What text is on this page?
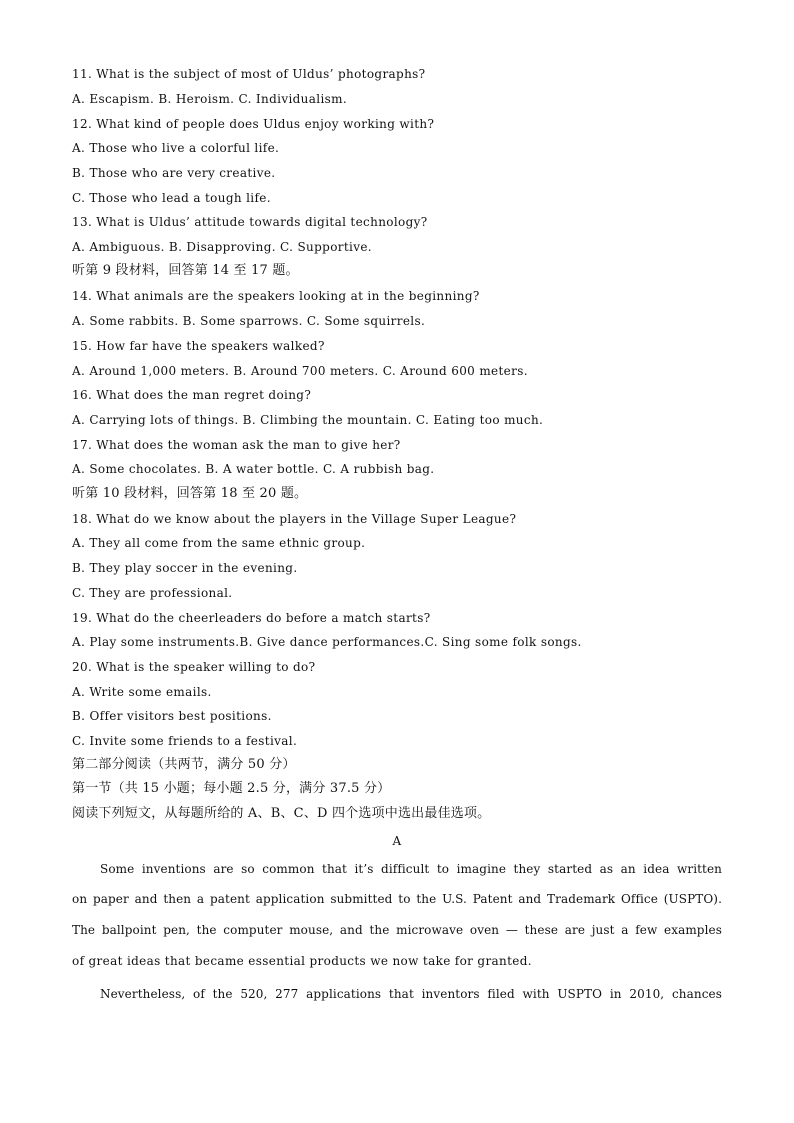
11. What is the subject of most of Uldus’ photographs?
A. Escapism. B. Heroism. C. Individualism.
12. What kind of people does Uldus enjoy working with?
A. Those who live a colorful life.
B. Those who are very creative.
C. Those who lead a tough life.
13. What is Uldus’ attitude towards digital technology?
A. Ambiguous. B. Disapproving. C. Supportive.
听第 9 段材料，回答第 14 至 17 题。
14. What animals are the speakers looking at in the beginning?
A. Some rabbits. B. Some sparrows. C. Some squirrels.
15. How far have the speakers walked?
A. Around 1,000 meters. B. Around 700 meters. C. Around 600 meters.
16. What does the man regret doing?
A. Carrying lots of things. B. Climbing the mountain. C. Eating too much.
17. What does the woman ask the man to give her?
A. Some chocolates. B. A water bottle. C. A rubbish bag.
听第 10 段材料，回答第 18 至 20 题。
18. What do we know about the players in the Village Super League?
A. They all come from the same ethnic group.
B. They play soccer in the evening.
C. They are professional.
19. What do the cheerleaders do before a match starts?
A. Play some instruments.B. Give dance performances.C. Sing some folk songs.
20. What is the speaker willing to do?
A. Write some emails.
B. Offer visitors best positions.
C. Invite some friends to a festival.
第二部分阅读（共两节，满分 50 分）
第一节（共 15 小题；每小题 2.5 分，满分 37.5 分）
阅读下列短文，从每题所给的 A、B、C、D 四个选项中选出最佳选项。
A
Some inventions are so common that it’s difficult to imagine they started as an idea written
on paper and then a patent application submitted to the U.S. Patent and Trademark Office (USPTO).
The ballpoint pen, the computer mouse, and the microwave oven — these are just a few examples
of great ideas that became essential products we now take for granted.
Nevertheless, of the 520, 277 applications that inventors filed with USPTO in 2010, chances
